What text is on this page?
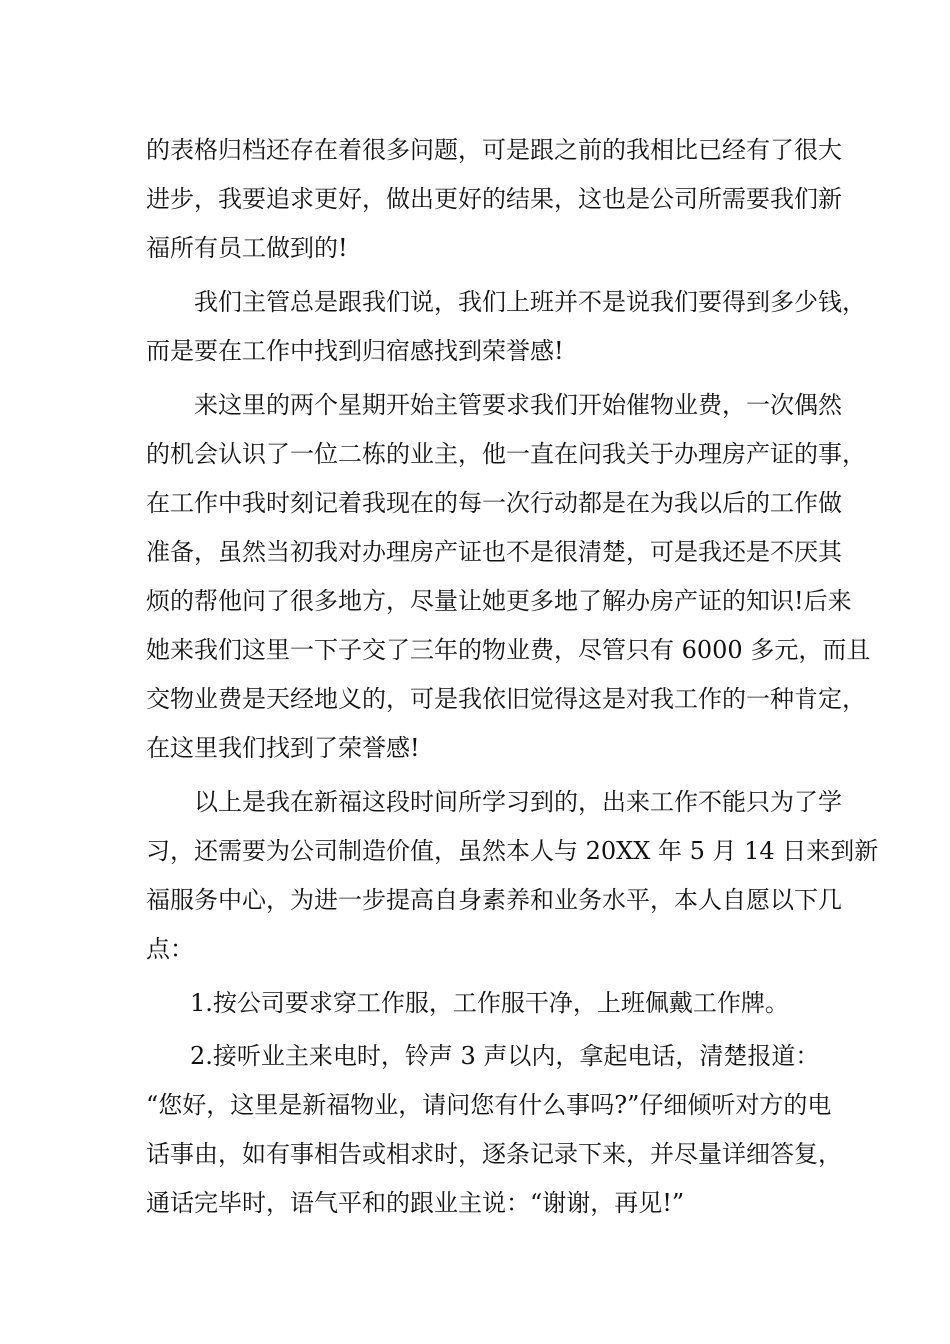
的表格归档还存在着很多问题，可是跟之前的我相比已经有了很大
进步，我要追求更好，做出更好的结果，这也是公司所需要我们新
福所有员工做到的!
我们主管总是跟我们说，我们上班并不是说我们要得到多少钱，
而是要在工作中找到归宿感找到荣誉感!
来这里的两个星期开始主管要求我们开始催物业费，一次偶然
的机会认识了一位二栋的业主，他一直在问我关于办理房产证的事，
在工作中我时刻记着我现在的每一次行动都是在为我以后的工作做
准备，虽然当初我对办理房产证也不是很清楚，可是我还是不厌其
烦的帮他问了很多地方，尽量让她更多地了解办房产证的知识!后来
她来我们这里一下子交了三年的物业费，尽管只有 6000 多元，而且
交物业费是天经地义的，可是我依旧觉得这是对我工作的一种肯定，
在这里我们找到了荣誉感!
以上是我在新福这段时间所学习到的，出来工作不能只为了学
习，还需要为公司制造价值，虽然本人与 20XX 年 5 月 14 日来到新
福服务中心，为进一步提高自身素养和业务水平，本人自愿以下几
点：
1.按公司要求穿工作服，工作服干净，上班佩戴工作牌。
2.接听业主来电时，铃声 3 声以内，拿起电话，清楚报道：
“您好，这里是新福物业，请问您有什么事吗?”仔细倾听对方的电
话事由，如有事相告或相求时，逐条记录下来，并尽量详细答复，
通话完毕时，语气平和的跟业主说：“谢谢，再见!”
